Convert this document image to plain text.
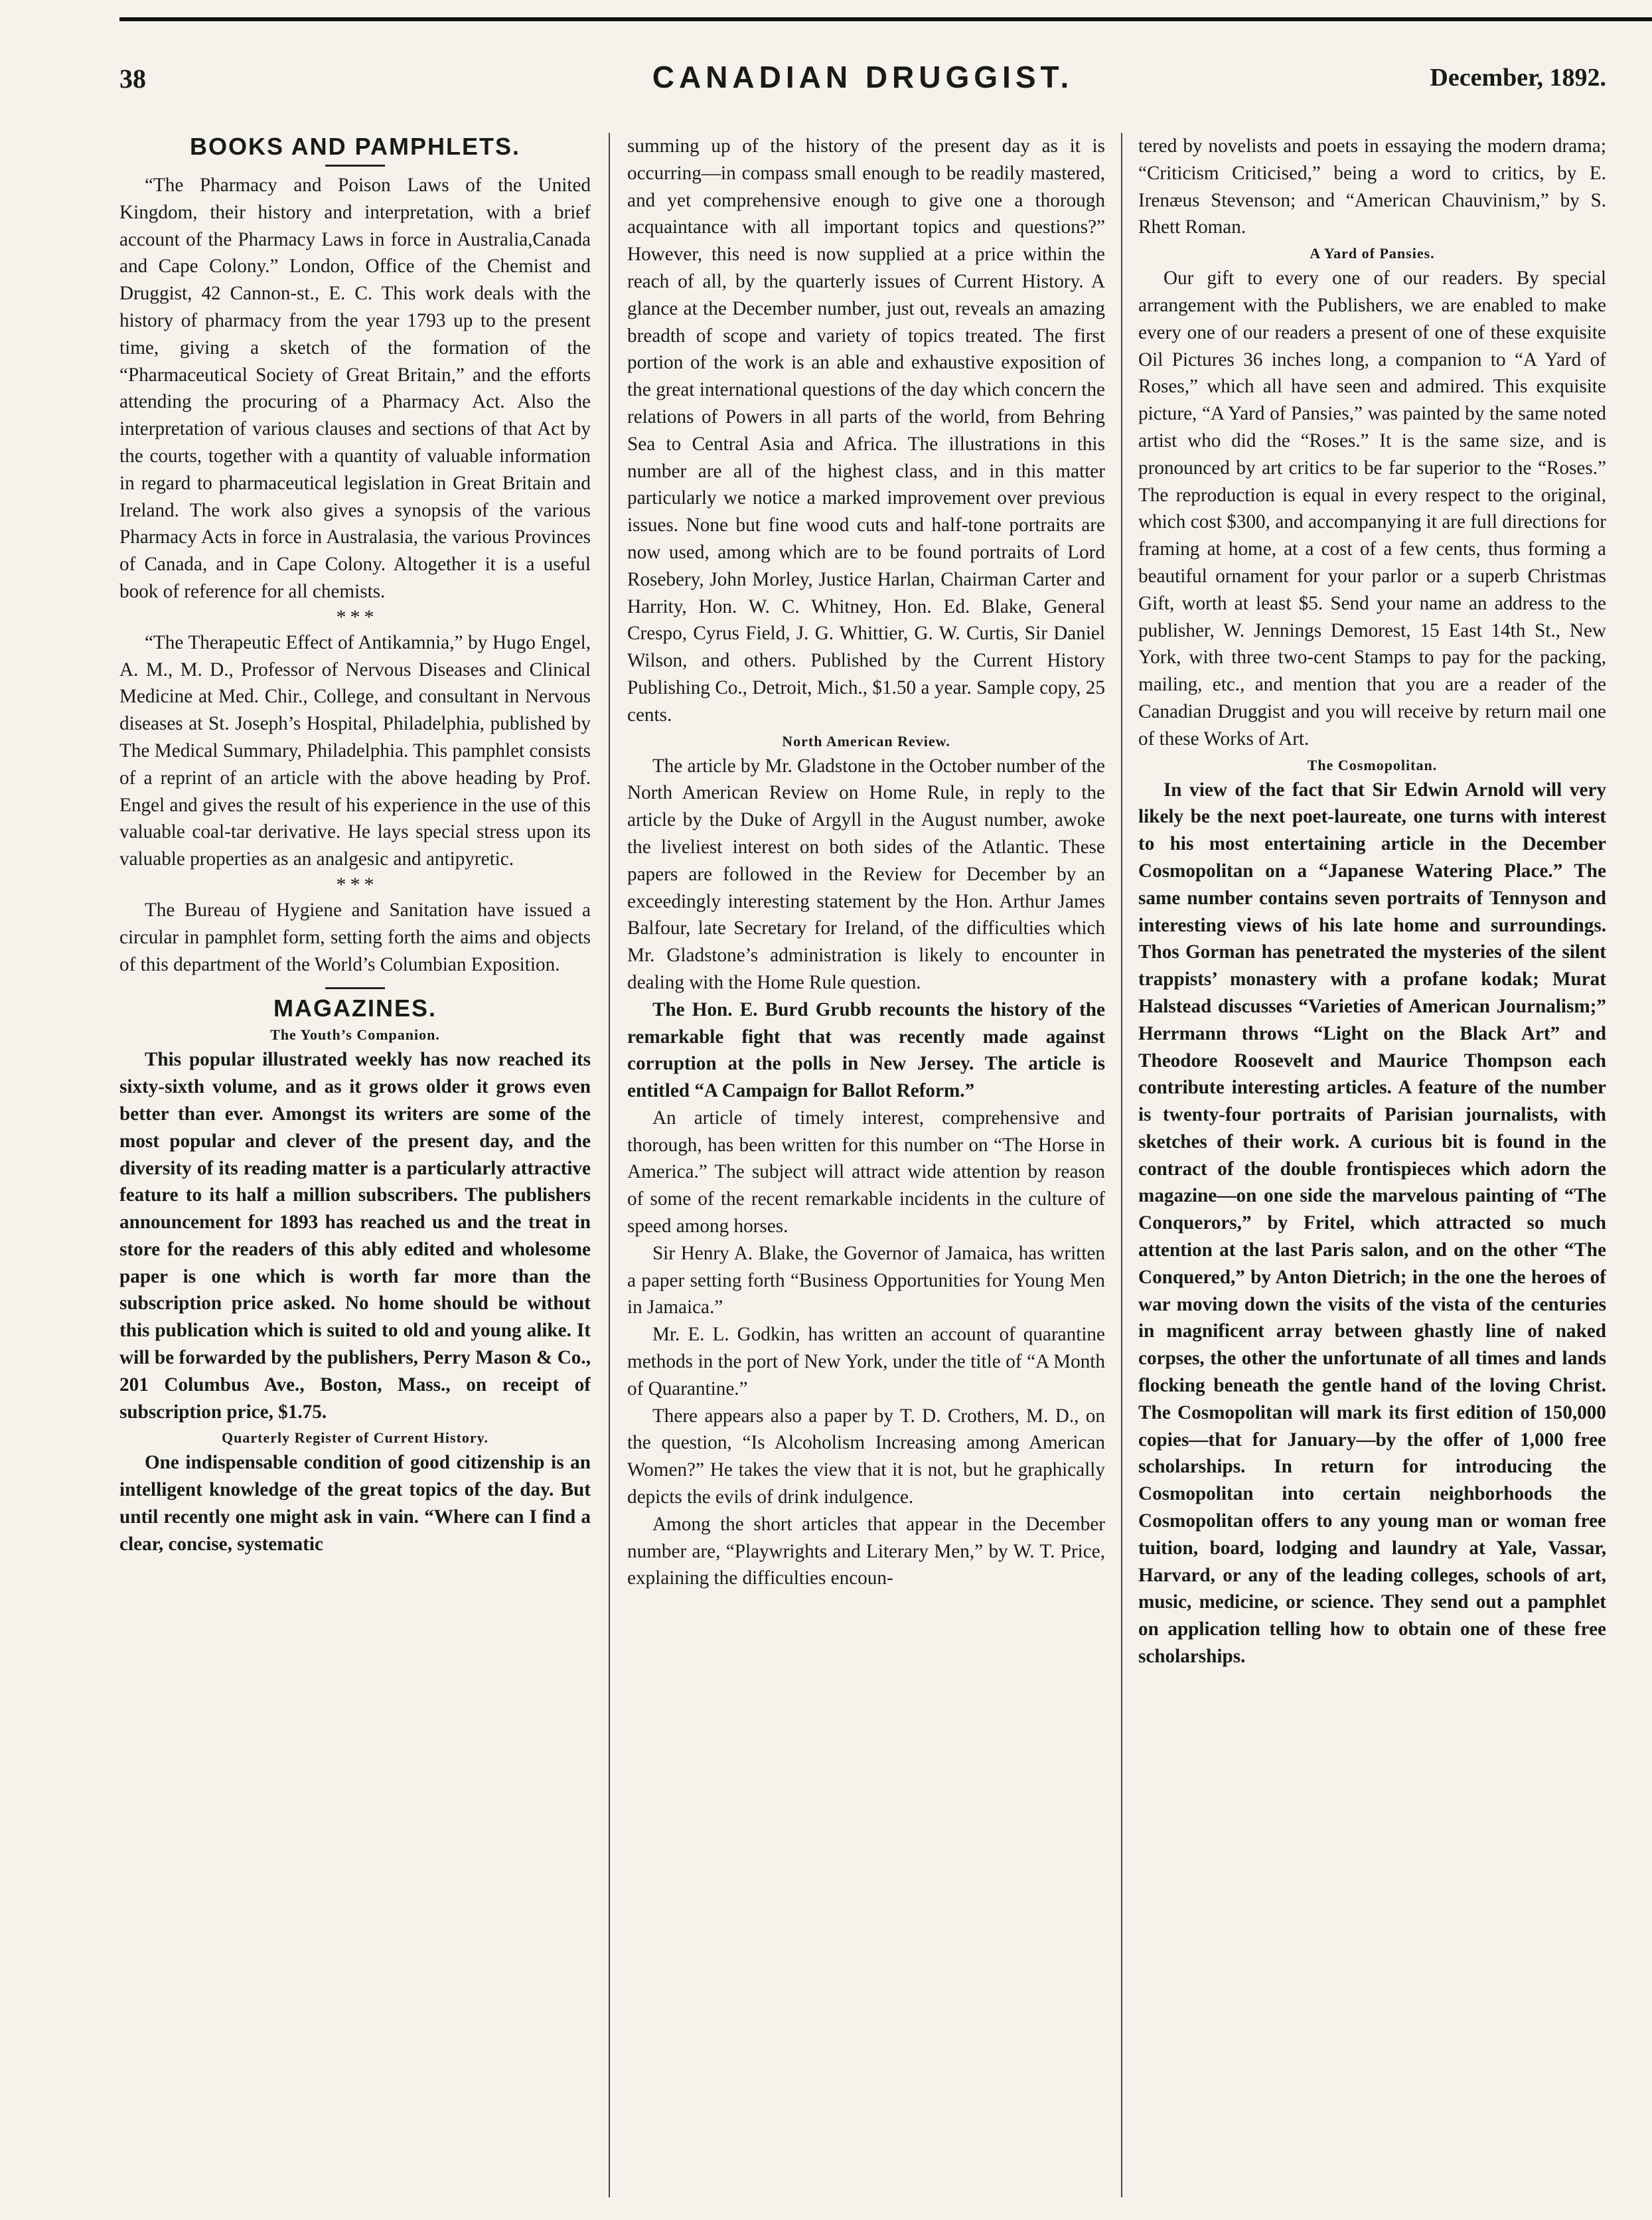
38	CANADIAN DRUGGIST.	December, 1892.
BOOKS AND PAMPHLETS.

“The Pharmacy and Poison Laws of the United Kingdom, their history and interpretation, with a brief account of the Pharmacy Laws in force in Australia,Canada and Cape Colony.” London, Office of the Chemist and Druggist, 42 Cannon-st., E. C. This work deals with the history of pharmacy from the year 1793 up to the present time, giving a sketch of the formation of the “Pharmaceutical Society of Great Britain,” and the efforts attending the procuring of a Pharmacy Act. Also the interpretation of various clauses and sections of that Act by the courts, together with a quantity of valuable information in regard to pharmaceutical legislation in Great Britain and Ireland. The work also gives a synopsis of the various Pharmacy Acts in force in Australasia, the various Provinces of Canada, and in Cape Colony. Altogether it is a useful book of reference for all chemists.

* * *

“The Therapeutic Effect of Antikamnia,” by Hugo Engel, A. M., M. D., Professor of Nervous Diseases and Clinical Medicine at Med. Chir., College, and consultant in Nervous diseases at St. Joseph’s Hospital, Philadelphia, published by The Medical Summary, Philadelphia. This pamphlet consists of a reprint of an article with the above heading by Prof. Engel and gives the result of his experience in the use of this valuable coal-tar derivative. He lays special stress upon its valuable properties as an analgesic and antipyretic.

* * *

The Bureau of Hygiene and Sanitation have issued a circular in pamphlet form, setting forth the aims and objects of this department of the World’s Columbian Exposition.

MAGAZINES.
The Youth’s Companion.

This popular illustrated weekly has now reached its sixty-sixth volume, and as it grows older it grows even better than ever. Amongst its writers are some of the most popular and clever of the present day, and the diversity of its reading matter is a particularly attractive feature to its half a million subscribers. The publishers announcement for 1893 has reached us and the treat in store for the readers of this ably edited and wholesome paper is one which is worth far more than the subscription price asked. No home should be without this publication which is suited to old and young alike. It will be forwarded by the publishers, Perry Mason & Co., 201 Columbus Ave., Boston, Mass., on receipt of subscription price, $1.75.

Quarterly Register of Current History.

One indispensable condition of good citizenship is an intelligent knowledge of the great topics of the day. But until recently one might ask in vain. “Where can I find a clear, concise, systematic

summing up of the history of the present day as it is occurring—in compass small enough to be readily mastered, and yet comprehensive enough to give one a thorough acquaintance with all important topics and questions?” However, this need is now supplied at a price within the reach of all, by the quarterly issues of Current History. A glance at the December number, just out, reveals an amazing breadth of scope and variety of topics treated. The first portion of the work is an able and exhaustive exposition of the great international questions of the day which concern the relations of Powers in all parts of the world, from Behring Sea to Central Asia and Africa. The illustrations in this number are all of the highest class, and in this matter particularly we notice a marked improvement over previous issues. None but fine wood cuts and half-tone portraits are now used, among which are to be found portraits of Lord Rosebery, John Morley, Justice Harlan, Chairman Carter and Harrity, Hon. W. C. Whitney, Hon. Ed. Blake, General Crespo, Cyrus Field, J. G. Whittier, G. W. Curtis, Sir Daniel Wilson, and others. Published by the Current History Publishing Co., Detroit, Mich., $1.50 a year. Sample copy, 25 cents.

North American Review.

The article by Mr. Gladstone in the October number of the North American Review on Home Rule, in reply to the article by the Duke of Argyll in the August number, awoke the liveliest interest on both sides of the Atlantic. These papers are followed in the Review for December by an exceedingly interesting statement by the Hon. Arthur James Balfour, late Secretary for Ireland, of the difficulties which Mr. Gladstone’s administration is likely to encounter in dealing with the Home Rule question.

The Hon. E. Burd Grubb recounts the history of the remarkable fight that was recently made against corruption at the polls in New Jersey. The article is entitled “A Campaign for Ballot Reform.”

An article of timely interest, comprehensive and thorough, has been written for this number on “The Horse in America.” The subject will attract wide attention by reason of some of the recent remarkable incidents in the culture of speed among horses.

Sir Henry A. Blake, the Governor of Jamaica, has written a paper setting forth “Business Opportunities for Young Men in Jamaica.”

Mr. E. L. Godkin, has written an account of quarantine methods in the port of New York, under the title of “A Month of Quarantine.”

There appears also a paper by T. D. Crothers, M. D., on the question, “Is Alcoholism Increasing among American Women?” He takes the view that it is not, but he graphically depicts the evils of drink indulgence.

Among the short articles that appear in the December number are, “Playwrights and Literary Men,” by W. T. Price, explaining the difficulties encoun-

tered by novelists and poets in essaying the modern drama; “Criticism Criticised,” being a word to critics, by E. Irenæus Stevenson; and “American Chauvinism,” by S. Rhett Roman.

A Yard of Pansies.

Our gift to every one of our readers. By special arrangement with the Publishers, we are enabled to make every one of our readers a present of one of these exquisite Oil Pictures 36 inches long, a companion to “A Yard of Roses,” which all have seen and admired. This exquisite picture, “A Yard of Pansies,” was painted by the same noted artist who did the “Roses.” It is the same size, and is pronounced by art critics to be far superior to the “Roses.” The reproduction is equal in every respect to the original, which cost $300, and accompanying it are full directions for framing at home, at a cost of a few cents, thus forming a beautiful ornament for your parlor or a superb Christmas Gift, worth at least $5. Send your name an address to the publisher, W. Jennings Demorest, 15 East 14th St., New York, with three two-cent Stamps to pay for the packing, mailing, etc., and mention that you are a reader of the Canadian Druggist and you will receive by return mail one of these Works of Art.

The Cosmopolitan.

In view of the fact that Sir Edwin Arnold will very likely be the next poet-laureate, one turns with interest to his most entertaining article in the December Cosmopolitan on a “Japanese Watering Place.” The same number contains seven portraits of Tennyson and interesting views of his late home and surroundings. Thos Gorman has penetrated the mysteries of the silent trappists’ monastery with a profane kodak; Murat Halstead discusses “Varieties of American Journalism;” Herrmann throws “Light on the Black Art” and Theodore Roosevelt and Maurice Thompson each contribute interesting articles. A feature of the number is twenty-four portraits of Parisian journalists, with sketches of their work. A curious bit is found in the contract of the double frontispieces which adorn the magazine—on one side the marvelous painting of “The Conquerors,” by Fritel, which attracted so much attention at the last Paris salon, and on the other “The Conquered,” by Anton Dietrich; in the one the heroes of war moving down the visits of the vista of the centuries in magnificent array between ghastly line of naked corpses, the other the unfortunate of all times and lands flocking beneath the gentle hand of the loving Christ. The Cosmopolitan will mark its first edition of 150,000 copies—that for January—by the offer of 1,000 free scholarships. In return for introducing the Cosmopolitan into certain neighborhoods the Cosmopolitan offers to any young man or woman free tuition, board, lodging and laundry at Yale, Vassar, Harvard, or any of the leading colleges, schools of art, music, medicine, or science. They send out a pamphlet on application telling how to obtain one of these free scholarships.
